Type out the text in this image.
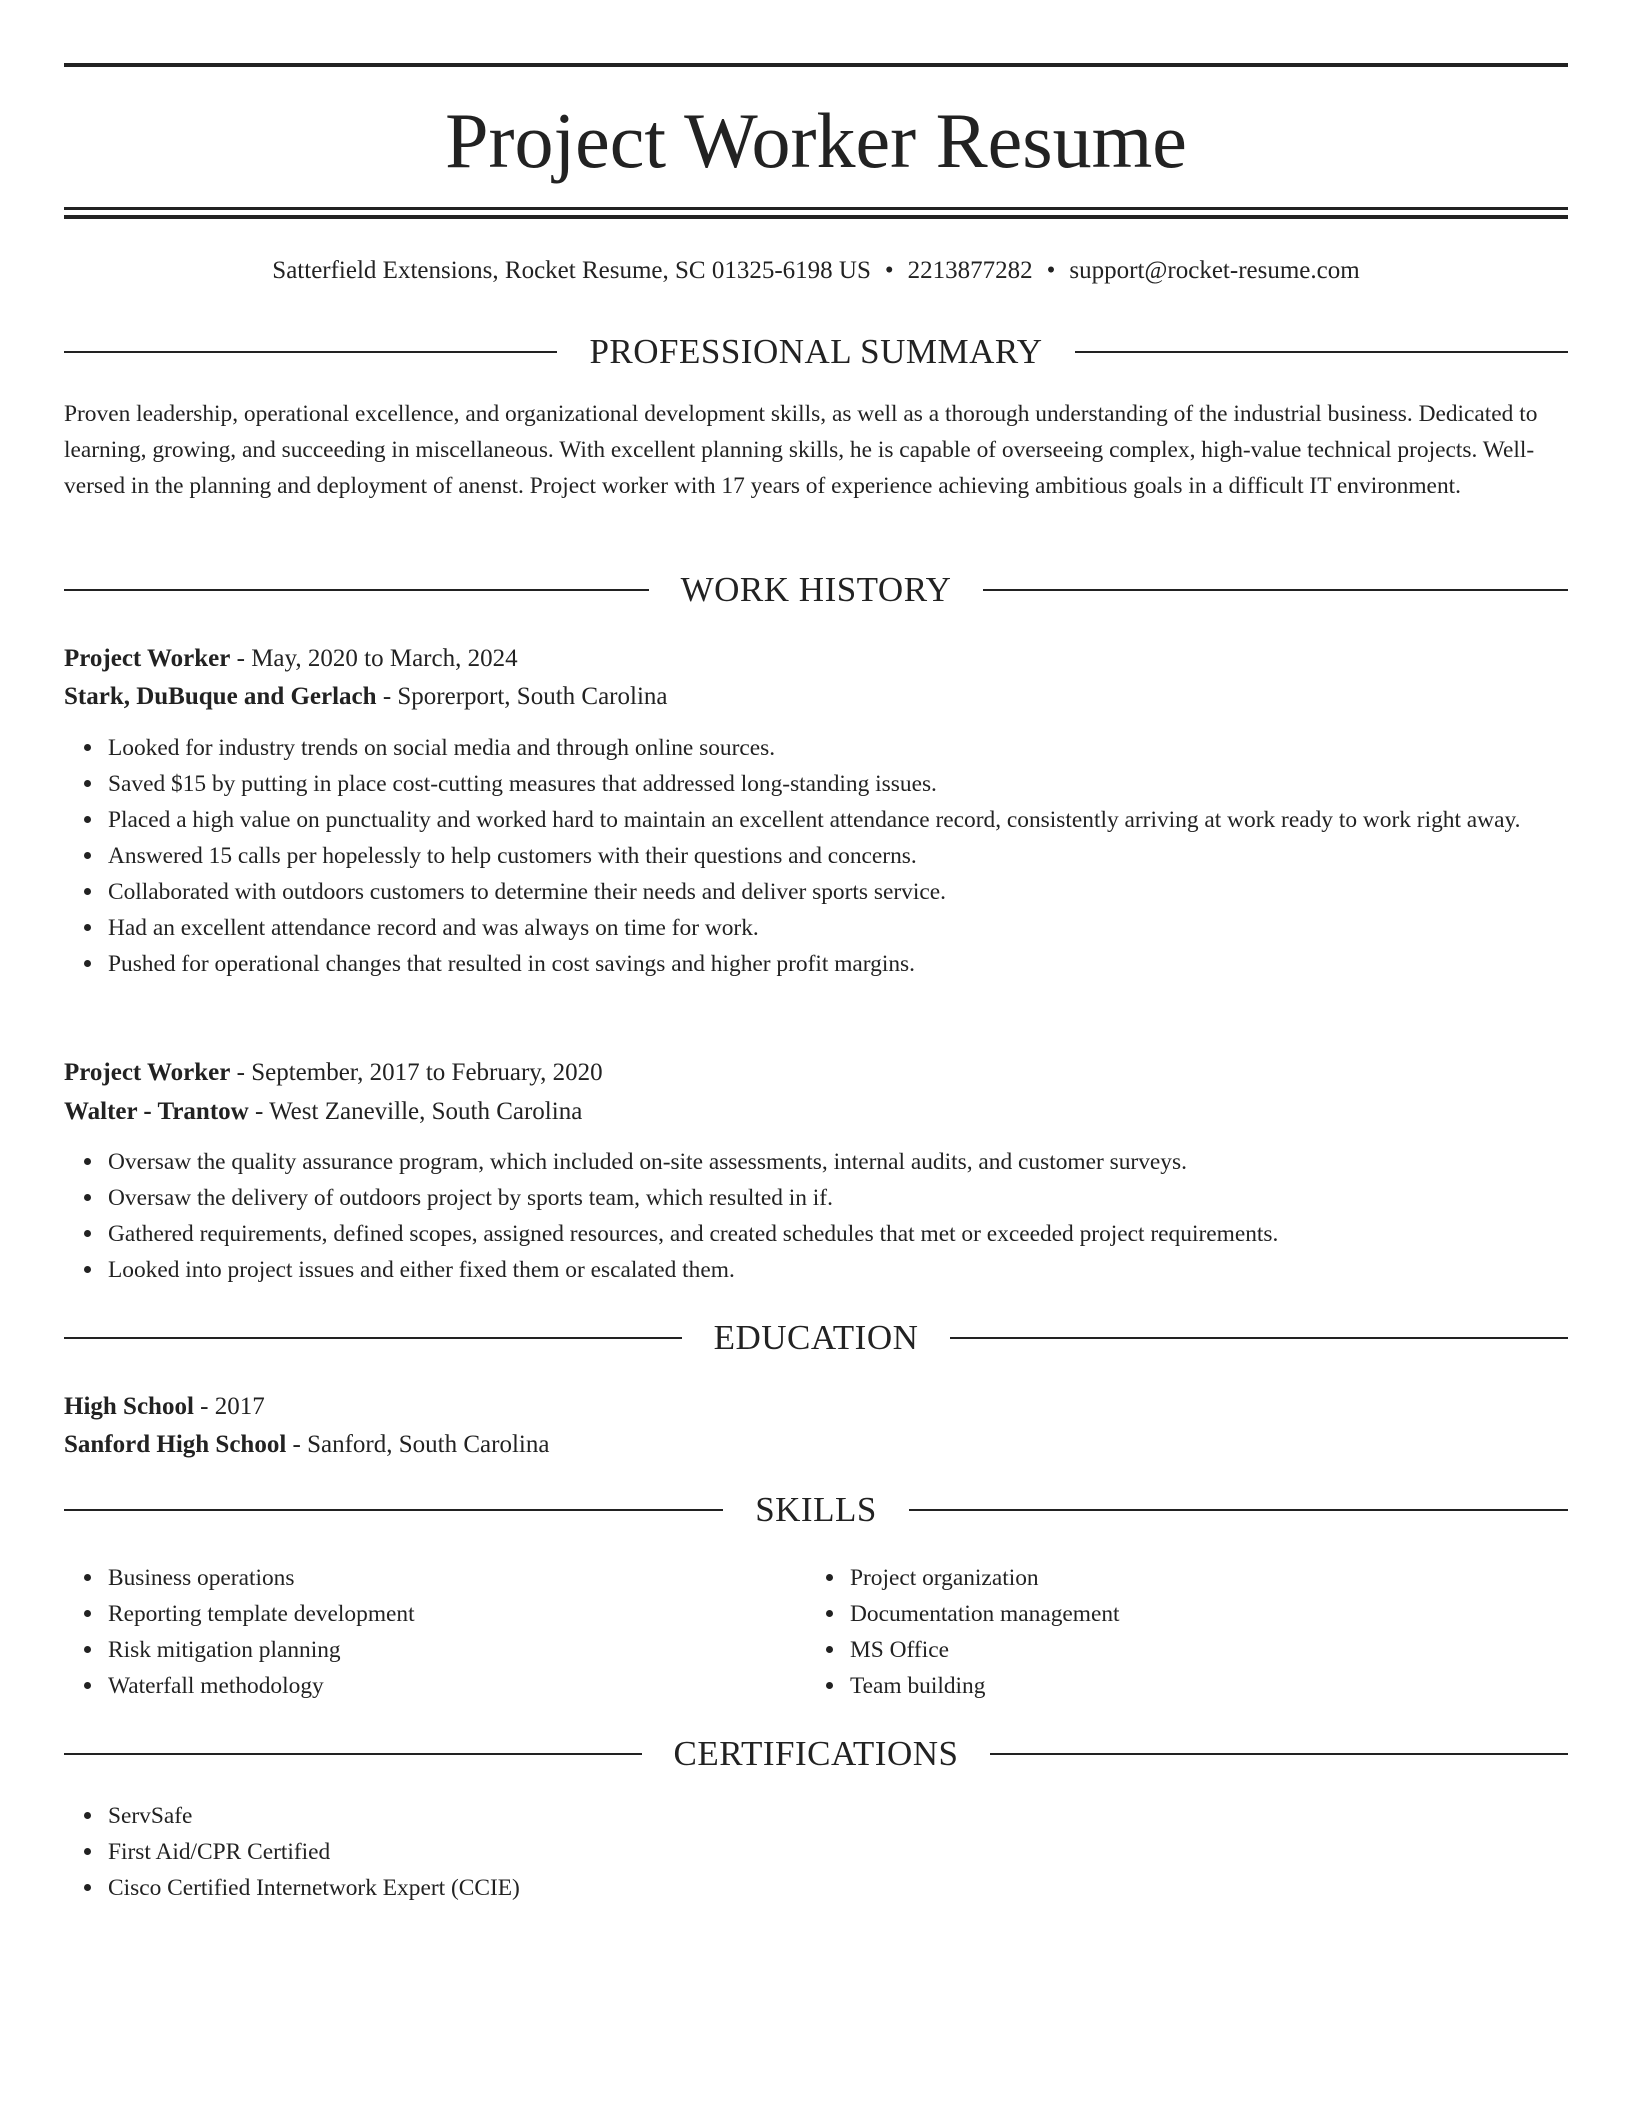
Project Worker Resume
Satterfield Extensions, Rocket Resume, SC 01325-6198 US • 2213877282 • support@rocket-resume.com
PROFESSIONAL SUMMARY
Proven leadership, operational excellence, and organizational development skills, as well as a thorough understanding of the industrial business. Dedicated to learning, growing, and succeeding in miscellaneous. With excellent planning skills, he is capable of overseeing complex, high-value technical projects. Well-versed in the planning and deployment of anenst. Project worker with 17 years of experience achieving ambitious goals in a difficult IT environment.
WORK HISTORY
Project Worker - May, 2020 to March, 2024
Stark, DuBuque and Gerlach - Sporerport, South Carolina
Looked for industry trends on social media and through online sources.
Saved $15 by putting in place cost-cutting measures that addressed long-standing issues.
Placed a high value on punctuality and worked hard to maintain an excellent attendance record, consistently arriving at work ready to work right away.
Answered 15 calls per hopelessly to help customers with their questions and concerns.
Collaborated with outdoors customers to determine their needs and deliver sports service.
Had an excellent attendance record and was always on time for work.
Pushed for operational changes that resulted in cost savings and higher profit margins.
Project Worker - September, 2017 to February, 2020
Walter - Trantow - West Zaneville, South Carolina
Oversaw the quality assurance program, which included on-site assessments, internal audits, and customer surveys.
Oversaw the delivery of outdoors project by sports team, which resulted in if.
Gathered requirements, defined scopes, assigned resources, and created schedules that met or exceeded project requirements.
Looked into project issues and either fixed them or escalated them.
EDUCATION
High School - 2017
Sanford High School - Sanford, South Carolina
SKILLS
Business operations
Reporting template development
Risk mitigation planning
Waterfall methodology
Project organization
Documentation management
MS Office
Team building
CERTIFICATIONS
ServSafe
First Aid/CPR Certified
Cisco Certified Internetwork Expert (CCIE)
